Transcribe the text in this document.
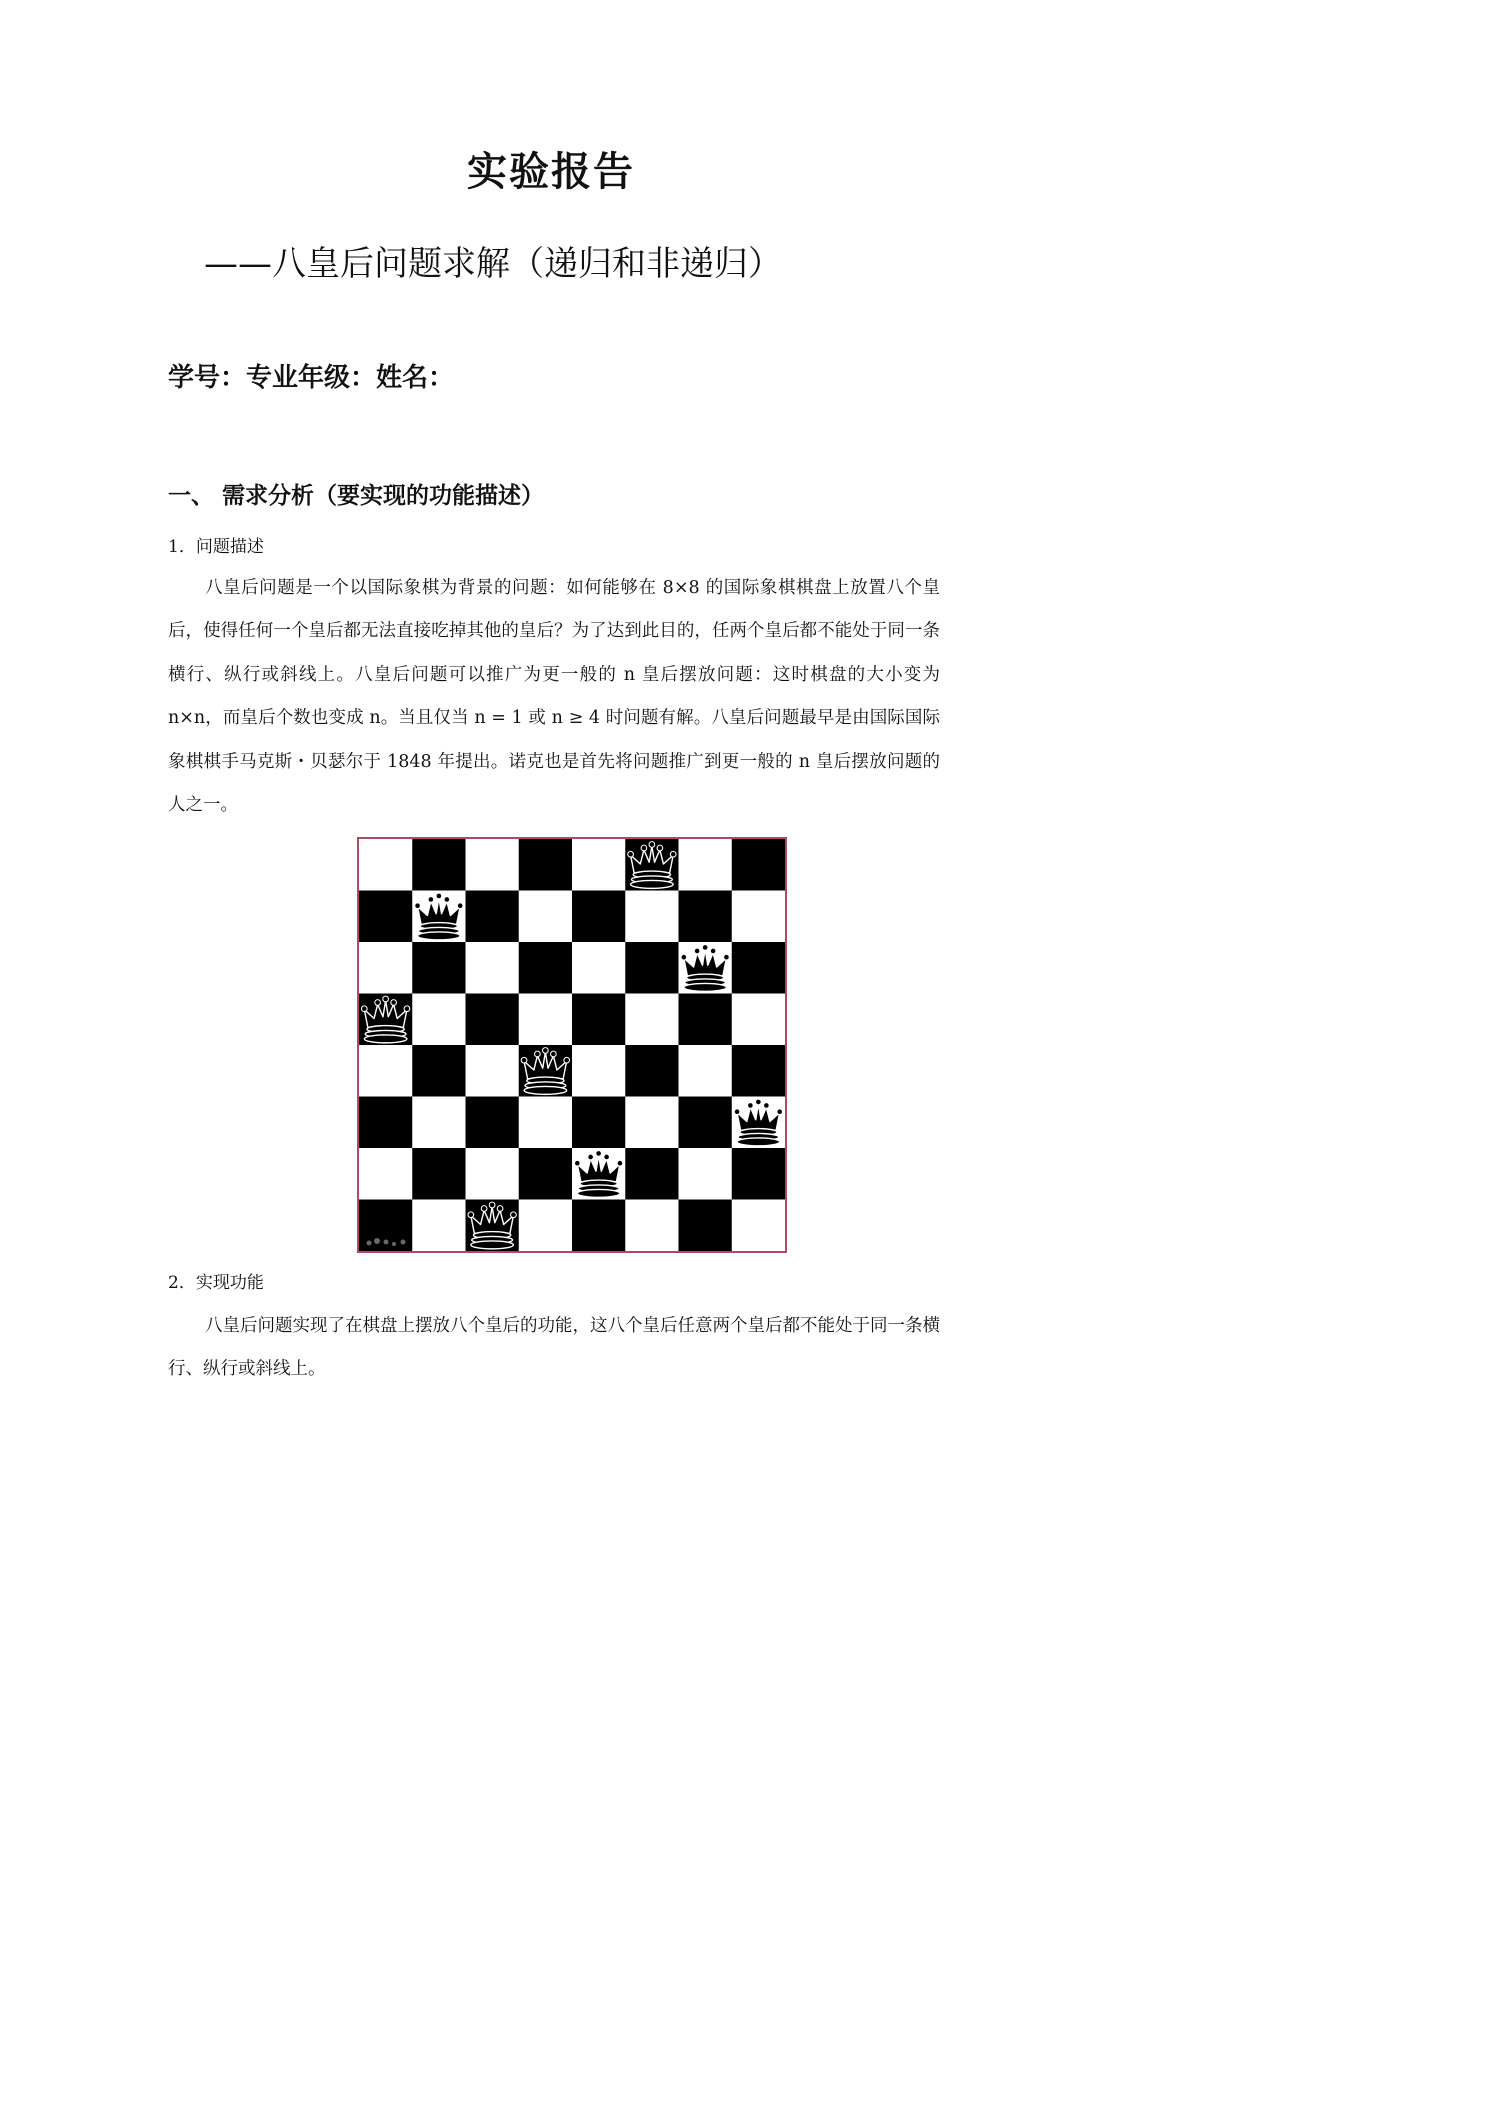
实验报告
——八皇后问题求解（递归和非递归）
学号：专业年级：姓名：
一、 需求分析（要实现的功能描述）
1．问题描述

八皇后问题是一个以国际象棋为背景的问题：如何能够在 8×8 的国际象棋棋盘上放置八个皇后，使得任何一个皇后都无法直接吃掉其他的皇后？为了达到此目的，任两个皇后都不能处于同一条横行、纵行或斜线上。八皇后问题可以推广为更一般的 n 皇后摆放问题：这时棋盘的大小变为 n×n，而皇后个数也变成 n。当且仅当 n = 1 或 n ≥ 4 时问题有解。八皇后问题最早是由国际国际象棋棋手马克斯・贝瑟尔于 1848 年提出。诺克也是首先将问题推广到更一般的 n 皇后摆放问题的人之一。

2．实现功能

八皇后问题实现了在棋盘上摆放八个皇后的功能，这八个皇后任意两个皇后都不能处于同一条横行、纵行或斜线上。
